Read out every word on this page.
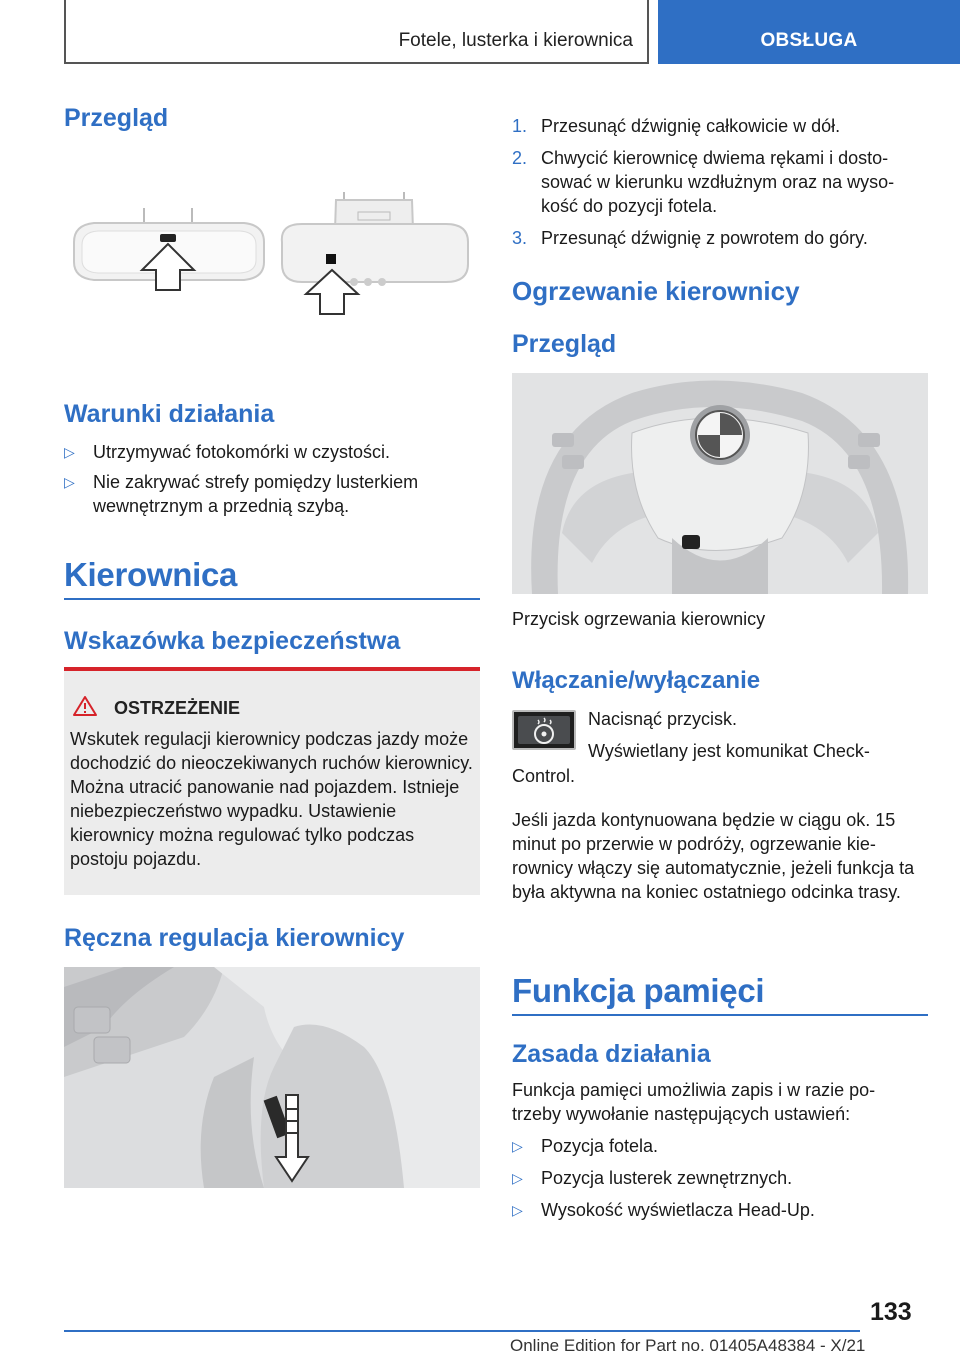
Fotele, lusterka i kierownica	OBSŁUGA
Przegląd
Warunki działania
▷	Utrzymywać fotokomórki w czystości.
▷	Nie zakrywać strefy pomiędzy lusterkiem wewnętrznym a przednią szybą.
Kierownica
Wskazówka bezpieczeństwa
OSTRZEŻENIE
Wskutek regulacji kierownicy podczas jazdy może dochodzić do nieoczekiwanych ruchów kierownicy. Można utracić panowanie nad pojazdem. Istnieje niebezpieczeństwo wypadku. Ustawienie kierownicy można regulować tylko podczas postoju pojazdu.
Ręczna regulacja kierownicy
1. Przesunąć dźwignię całkowicie w dół.
2. Chwycić kierownicę dwiema rękami i dostosować w kierunku wzdłużnym oraz na wysokość do pozycji fotela.
3. Przesunąć dźwignię z powrotem do góry.
Ogrzewanie kierownicy
Przegląd
Przycisk ogrzewania kierownicy
Włączanie/wyłączanie
Nacisnąć przycisk.
Wyświetlany jest komunikat Check‐
Control.
Jeśli jazda kontynuowana będzie w ciągu ok. 15 minut po przerwie w podróży, ogrzewanie kierownicy włączy się automatycznie, jeżeli funkcja ta była aktywna na koniec ostatniego odcinka trasy.
Funkcja pamięci
Zasada działania
Funkcja pamięci umożliwia zapis i w razie potrzeby wywołanie następujących ustawień:
▷	Pozycja fotela.
▷	Pozycja lusterek zewnętrznych.
▷	Wysokość wyświetlacza Head-Up.
133
Online Edition for Part no. 01405A48384 - X/21
